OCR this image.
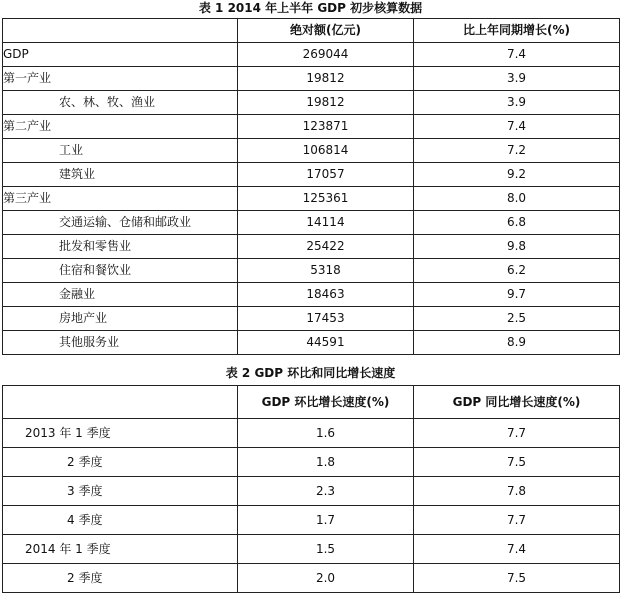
表 1 2014 年上半年 GDP 初步核算数据
	绝对额(亿元)	比上年同期增长(%)
GDP	269044	7.4
第一产业	19812	3.9
农、林、牧、渔业	19812	3.9
第二产业	123871	7.4
工业	106814	7.2
建筑业	17057	9.2
第三产业	125361	8.0
交通运输、仓储和邮政业	14114	6.8
批发和零售业	25422	9.8
住宿和餐饮业	5318	6.2
金融业	18463	9.7
房地产业	17453	2.5
其他服务业	44591	8.9
表 2 GDP 环比和同比增长速度
	GDP 环比增长速度(%)	GDP 同比增长速度(%)
2013 年 1 季度	1.6	7.7
2 季度	1.8	7.5
3 季度	2.3	7.8
4 季度	1.7	7.7
2014 年 1 季度	1.5	7.4
2 季度	2.0	7.5
